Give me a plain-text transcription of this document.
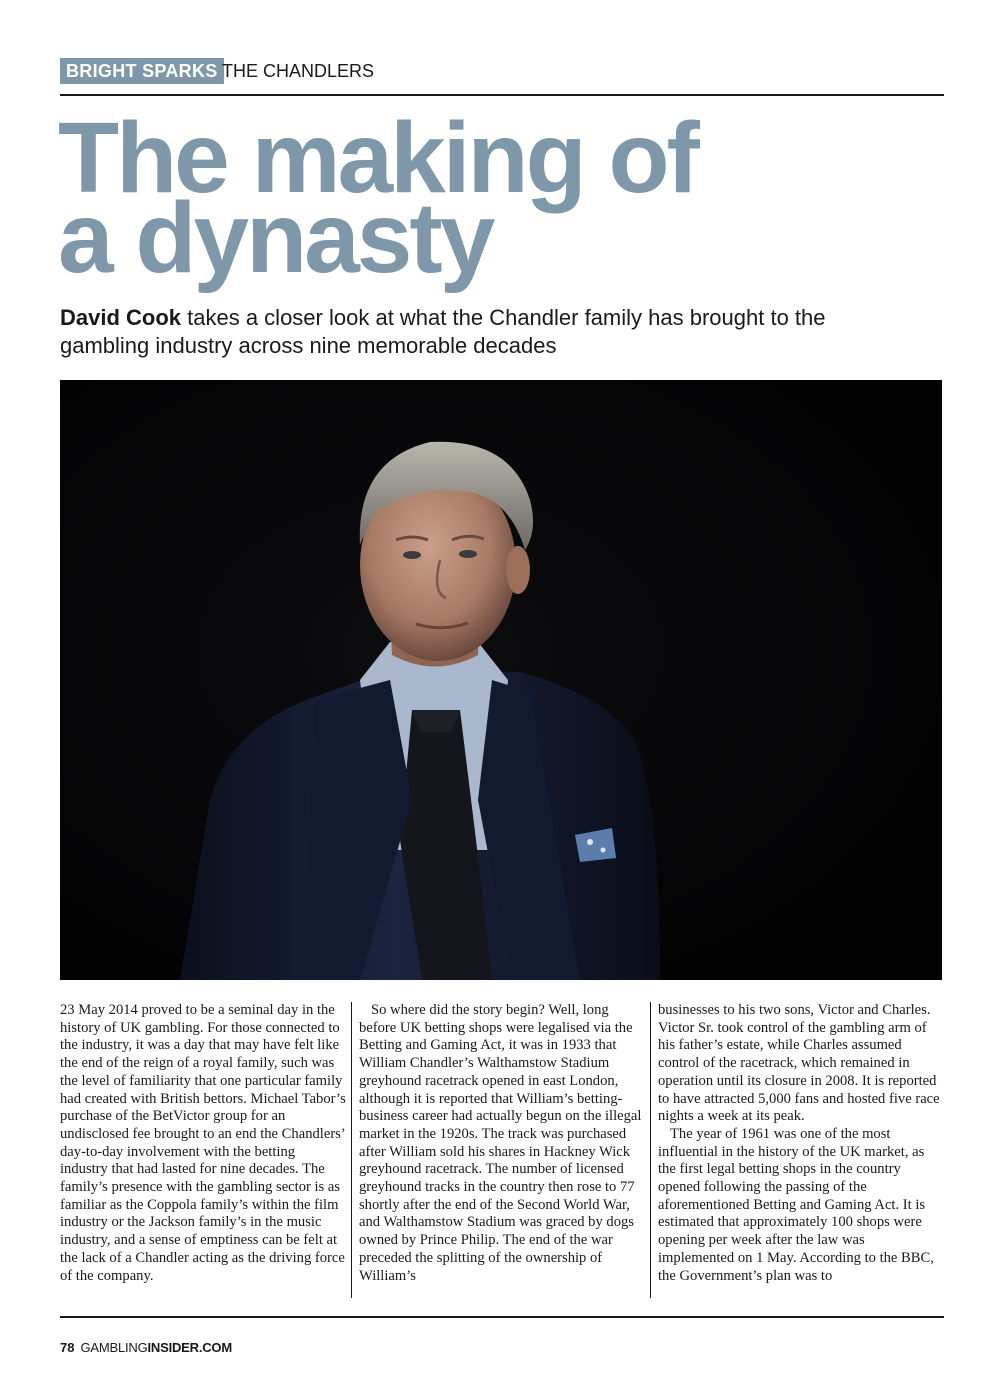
BRIGHT SPARKS THE CHANDLERS
The making of
a dynasty
David Cook takes a closer look at what the Chandler family has brought to the gambling industry across nine memorable decades

23 May 2014 proved to be a seminal day in the history of UK gambling. For those connected to the industry, it was a day that may have felt like the end of the reign of a royal family, such was the level of familiarity that one particular family had created with British bettors. Michael Tabor’s purchase of the BetVictor group for an undisclosed fee brought to an end the Chandlers’ day-to-day involvement with the betting industry that had lasted for nine decades. The family’s presence with the gambling sector is as familiar as the Coppola family’s within the film industry or the Jackson family’s in the music industry, and a sense of emptiness can be felt at the lack of a Chandler acting as the driving force of the company.

So where did the story begin? Well, long before UK betting shops were legalised via the Betting and Gaming Act, it was in 1933 that William Chandler’s Walthamstow Stadium greyhound racetrack opened in east London, although it is reported that William’s betting-business career had actually begun on the illegal market in the 1920s. The track was purchased after William sold his shares in Hackney Wick greyhound racetrack. The number of licensed greyhound tracks in the country then rose to 77 shortly after the end of the Second World War, and Walthamstow Stadium was graced by dogs owned by Prince Philip. The end of the war preceded the splitting of the ownership of William’s

businesses to his two sons, Victor and Charles. Victor Sr. took control of the gambling arm of his father’s estate, while Charles assumed control of the racetrack, which remained in operation until its closure in 2008. It is reported to have attracted 5,000 fans and hosted five race nights a week at its peak.

The year of 1961 was one of the most influential in the history of the UK market, as the first legal betting shops in the country opened following the passing of the aforementioned Betting and Gaming Act. It is estimated that approximately 100 shops were opening per week after the law was implemented on 1 May. According to the BBC, the Government’s plan was to

78 GAMBLINGINSIDER.COM
